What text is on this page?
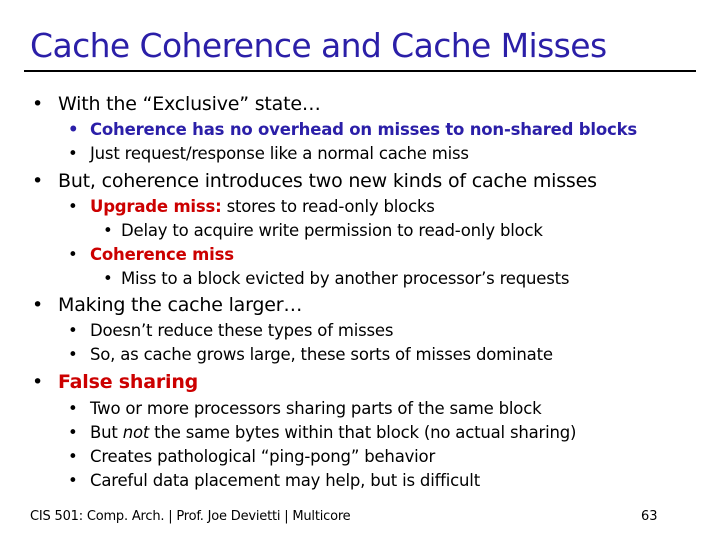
Cache Coherence and Cache Misses
• With the “Exclusive” state…
• Coherence has no overhead on misses to non-shared blocks
• Just request/response like a normal cache miss
• But, coherence introduces two new kinds of cache misses
• Upgrade miss: stores to read-only blocks
• Delay to acquire write permission to read-only block
• Coherence miss
• Miss to a block evicted by another processor’s requests
• Making the cache larger…
• Doesn’t reduce these types of misses
• So, as cache grows large, these sorts of misses dominate
• False sharing
• Two or more processors sharing parts of the same block
• But not the same bytes within that block (no actual sharing)
• Creates pathological “ping-pong” behavior
• Careful data placement may help, but is difficult
CIS 501: Comp. Arch. | Prof. Joe Devietti | Multicore	63
